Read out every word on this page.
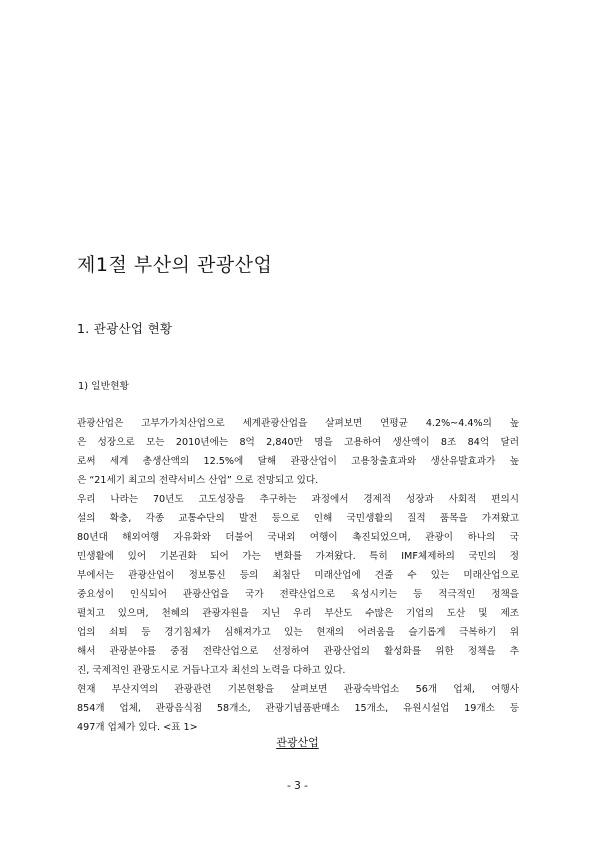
제1절 부산의 관광산업
1. 관광산업 현황
1) 일반현황
관광산업은 고부가가치산업으로 세계관광산업을 살펴보면 연평균 4.2%~4.4%의 높
은 성장으로 모는 2010년에는 8억 2,840만 명을 고용하여 생산액이 8조 84억 달러
로써 세계 총생산액의 12.5%에 달해 관광산업이 고용창출효과와 생산유발효과가 높
은 “21세기 최고의 전략서비스 산업” 으로 전망되고 있다.
우리 나라는 70년도 고도성장을 추구하는 과정에서 경제적 성장과 사회적 편의시
설의 확충, 각종 교통수단의 발전 등으로 인해 국민생활의 질적 품목을 가져왔고
80년대 해외여행 자유화와 더불어 국내외 여행이 촉진되었으며, 관광이 하나의 국
민생활에 있어 기본권화 되어 가는 변화를 가져왔다. 특히 IMF체제하의 국민의 정
부에서는 관광산업이 정보통신 등의 최첨단 미래산업에 견줄 수 있는 미래산업으로
중요성이 인식되어 관광산업을 국가 전략산업으로 육성시키는 등 적극적인 정책을
펼치고 있으며, 천혜의 관광자원을 지닌 우리 부산도 수많은 기업의 도산 및 제조
업의 쇠퇴 등 경기침체가 심해져가고 있는 현재의 어려움을 슬기롭게 극복하기 위
해서 관광분야를 중점 전략산업으로 선정하여 관광산업의 활성화를 위한 정책을 추
진, 국제적인 관광도시로 거듭나고자 최선의 노력을 다하고 있다.
현재 부산지역의 관광관련 기본현황을 살펴보면 관광숙박업소 56개 업체, 여행사
854개 업체, 관광음식점 58개소, 관광기념품판매소 15개소, 유원시설업 19개소 등
497개 업체가 있다. <표 1>
관광산업
- 3 -
